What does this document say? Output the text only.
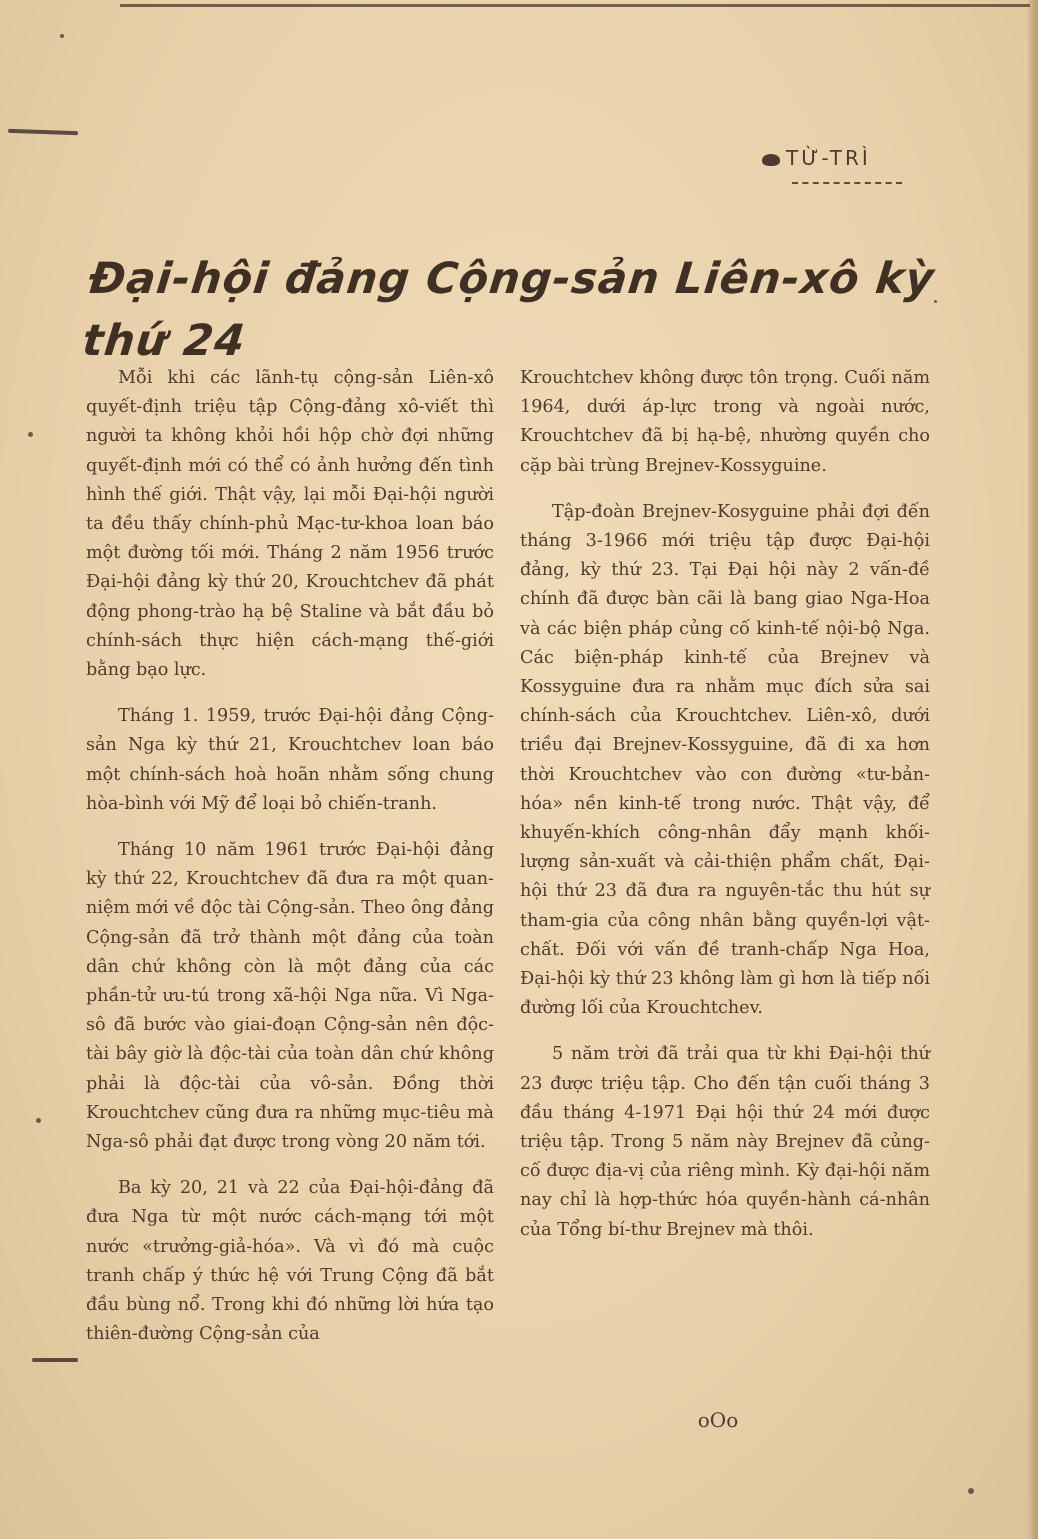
TỪ-TRÌ
Đại-hội đảng Cộng-sản Liên-xô kỳ thứ 24

Mỗi khi các lãnh-tụ cộng-sản Liên-xô quyết-định triệu tập Cộng-đảng xô-viết thì người ta không khỏi hồi hộp chờ đợi những quyết-định mới có thể có ảnh hưởng đến tình hình thế giới. Thật vậy, lại mỗi Đại-hội người ta đều thấy chính-phủ Mạc-tư-khoa loan báo một đường tối mới. Tháng 2 năm 1956 trước Đại-hội đảng kỳ thứ 20, Krouchtchev đã phát động phong-trào hạ bệ Staline và bắt đầu bỏ chính-sách thực hiện cách-mạng thế-giới bằng bạo lực.

Tháng 1. 1959, trước Đại-hội đảng Cộng-sản Nga kỳ thứ 21, Krouchtchev loan báo một chính-sách hoà hoãn nhằm sống chung hòa-bình với Mỹ để loại bỏ chiến-tranh.

Tháng 10 năm 1961 trước Đại-hội đảng kỳ thứ 22, Krouchtchev đã đưa ra một quan-niệm mới về độc tài Cộng-sản. Theo ông đảng Cộng-sản đã trở thành một đảng của toàn dân chứ không còn là một đảng của các phần-tử ưu-tú trong xã-hội Nga nữa. Vì Nga-sô đã bước vào giai-đoạn Cộng-sản nên độc-tài bây giờ là độc-tài của toàn dân chứ không phải là độc-tài của vô-sản. Đồng thời Krouchtchev cũng đưa ra những mục-tiêu mà Nga-sô phải đạt được trong vòng 20 năm tới.

Ba kỳ 20, 21 và 22 của Đại-hội-đảng đã đưa Nga từ một nước cách-mạng tới một nước «trưởng-giả-hóa». Và vì đó mà cuộc tranh chấp ý thức hệ với Trung Cộng đã bắt đầu bùng nổ. Trong khi đó những lời hứa tạo thiên-đường Cộng-sản của

Krouchtchev không được tôn trọng. Cuối năm 1964, dưới áp-lực trong và ngoài nước, Krouchtchev đã bị hạ-bệ, nhường quyền cho cặp bài trùng Brejnev-Kossyguine.

Tập-đoàn Brejnev-Kosyguine phải đợi đến tháng 3-1966 mới triệu tập được Đại-hội đảng, kỳ thứ 23. Tại Đại hội này 2 vấn-đề chính đã được bàn cãi là bang giao Nga-Hoa và các biện pháp củng cố kinh-tế nội-bộ Nga. Các biện-pháp kinh-tế của Brejnev và Kossyguine đưa ra nhằm mục đích sửa sai chính-sách của Krouchtchev. Liên-xô, dưới triều đại Brejnev-Kossyguine, đã đi xa hơn thời Krouchtchev vào con đường «tư-bản-hóa» nền kinh-tế trong nước. Thật vậy, để khuyến-khích công-nhân đẩy mạnh khối-lượng sản-xuất và cải-thiện phẩm chất, Đại-hội thứ 23 đã đưa ra nguyên-tắc thu hút sự tham-gia của công nhân bằng quyền-lợi vật-chất. Đối với vấn đề tranh-chấp Nga Hoa, Đại-hội kỳ thứ 23 không làm gì hơn là tiếp nối đường lối của Krouchtchev.

5 năm trời đã trải qua từ khi Đại-hội thứ 23 được triệu tập. Cho đến tận cuối tháng 3 đầu tháng 4-1971 Đại hội thứ 24 mới được triệu tập. Trong 5 năm này Brejnev đã củng-cố được địa-vị của riêng mình. Kỳ đại-hội năm nay chỉ là hợp-thức hóa quyền-hành cá-nhân của Tổng bí-thư Brejnev mà thôi.

oOo
